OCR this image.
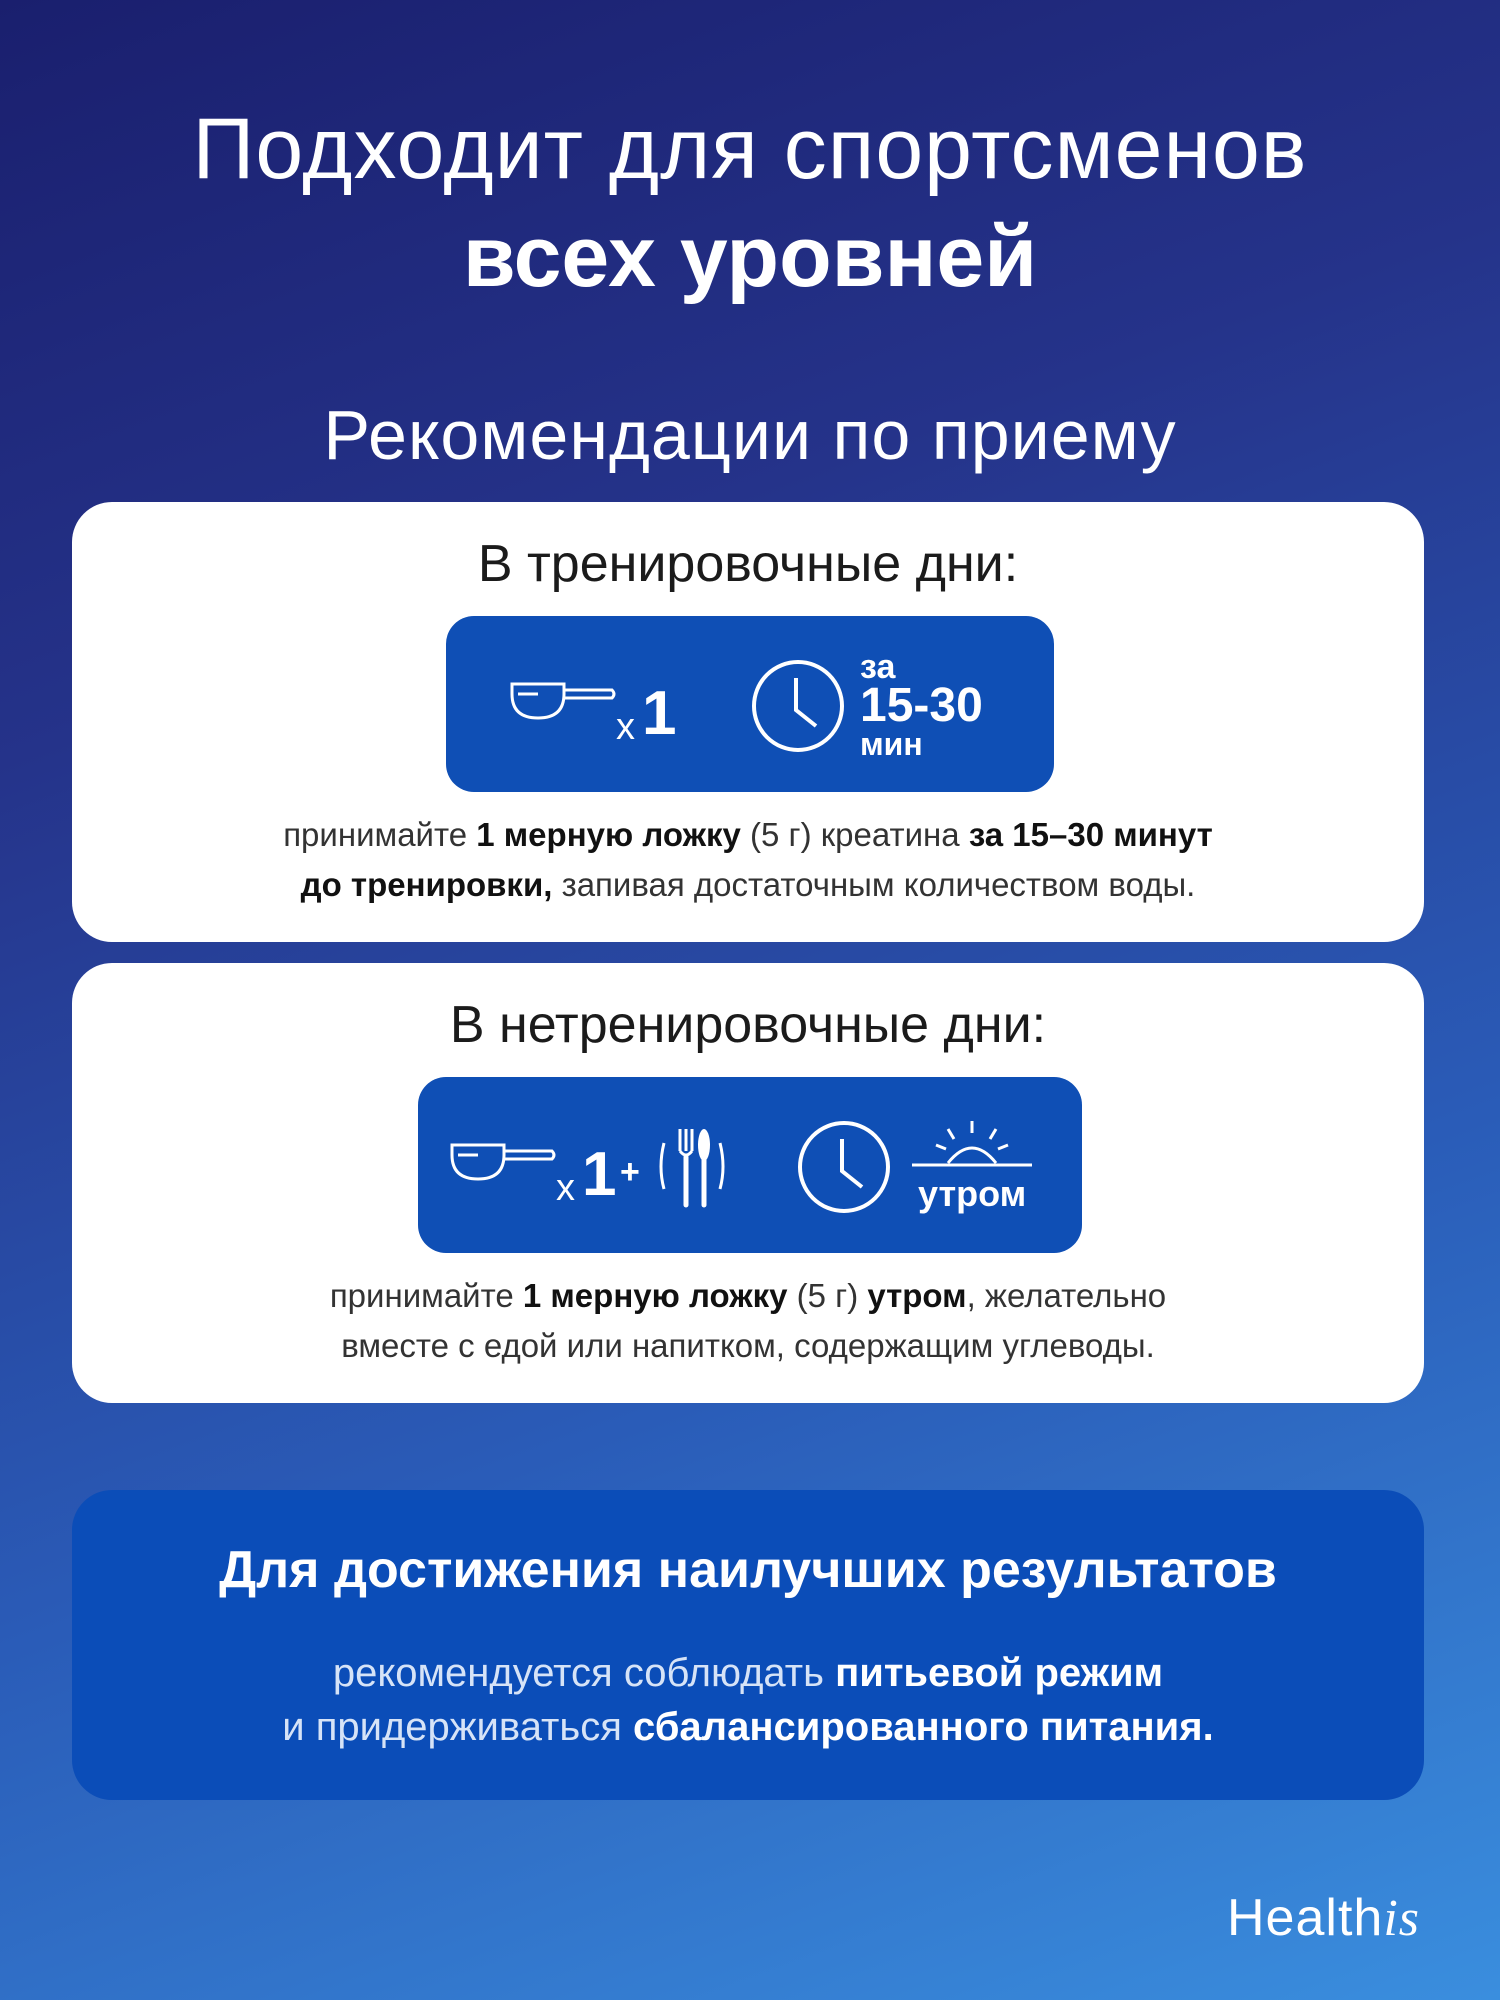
Подходит для спортсменов
всех уровней
Рекомендации по приему
В тренировочные дни:
x 1
за
15-30
мин
принимайте 1 мерную ложку (5 г) креатина за 15–30 минут
до тренировки, запивая достаточным количеством воды.
В нетренировочные дни:
x 1 +
утром
принимайте 1 мерную ложку (5 г) утром, желательно
вместе с едой или напитком, содержащим углеводы.
Для достижения наилучших результатов
рекомендуется соблюдать питьевой режим
и придерживаться сбалансированного питания.
Healthis
